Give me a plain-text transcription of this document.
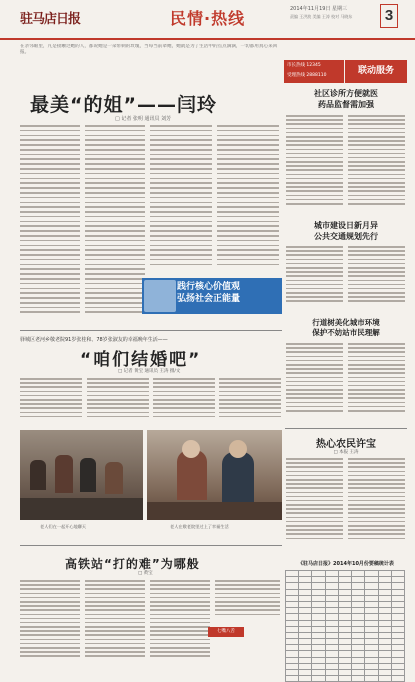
驻马店日报	民情·热线	2014年11月19日 星期三
责编 王洪波 美编 王涛 校对 马晓东	3
在亲邻眼里，凡是接触过她的人，都说她是一朵带刺的玫瑰，当每当前辈她，她就是为了生活中的点点滴滴，一切都用真心来回报。
最美“的姐”——闫玲
□ 记者 张明 通讯员 刘芳
践行核心价值观
弘扬社会正能量
市长热线 12345
受理热线 2888110	联动服务
社区诊所方便就医
药品监督需加强
城市建设日新月异
公共交通规划先行
行道树美化城市环境
保护不妨站市民理解
热心农民许宝
□ 本报 王涛
《驻马店日报》2014年10月份要稿统计表

驿城区老河乡敬老院91岁张桂和、78岁张淑友的幸福晚年生活——
“咱们结婚吧”
□ 记者 黄宝 通讯员 王涛 摄/文
老人们在一起开心地聊天	老人在敬老院里过上了幸福生活
高铁站“打的难”为哪般
□ 黄宝
七嘴八舌
